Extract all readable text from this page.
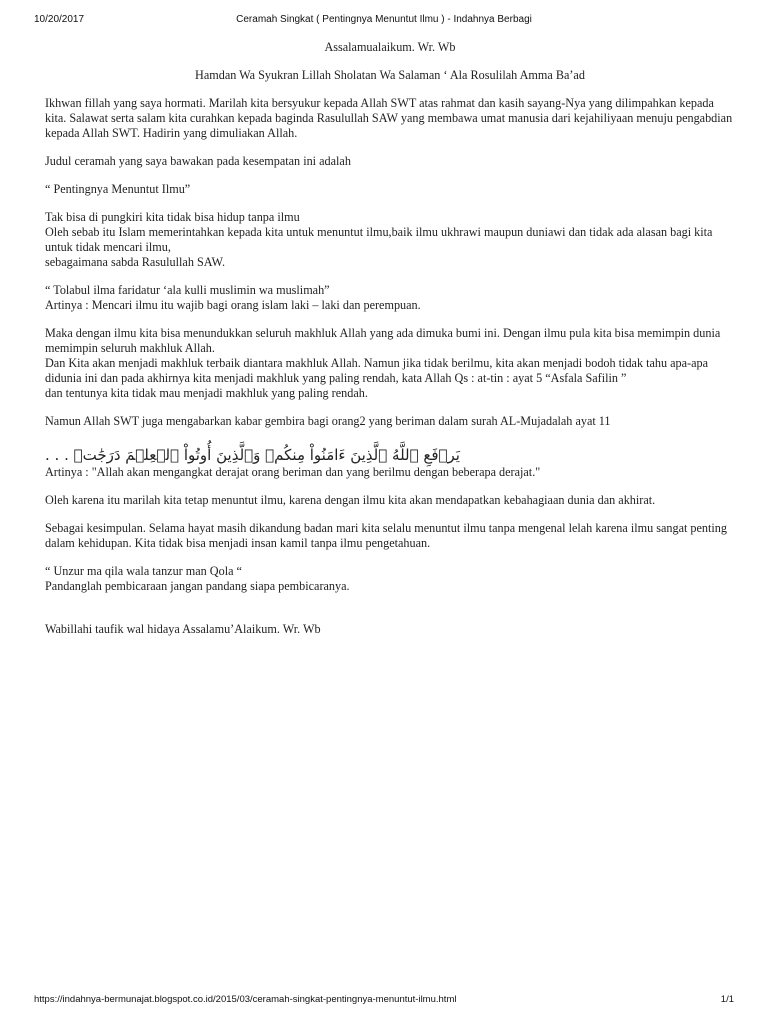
10/20/2017	Ceramah Singkat ( Pentingnya Menuntut Ilmu ) - Indahnya Berbagi

Assalamualaikum. Wr. Wb

Hamdan Wa Syukran Lillah Sholatan Wa Salaman ‘ Ala Rosulilah Amma Ba’ad

Ikhwan fillah yang saya hormati. Marilah kita bersyukur kepada Allah SWT atas rahmat dan kasih sayang-Nya yang dilimpahkan kepada kita. Salawat serta salam kita curahkan kepada baginda Rasulullah SAW yang membawa umat manusia dari kejahiliyaan menuju pengabdian kepada Allah SWT. Hadirin yang dimuliakan Allah.

Judul ceramah yang saya bawakan pada kesempatan ini adalah

“ Pentingnya Menuntut Ilmu”

Tak bisa di pungkiri kita tidak bisa hidup tanpa ilmu
Oleh sebab itu Islam memerintahkan kepada kita untuk menuntut ilmu,baik ilmu ukhrawi maupun duniawi dan tidak ada alasan bagi kita untuk tidak mencari ilmu,
sebagaimana sabda Rasulullah SAW.

“ Tolabul ilma faridatur ‘ala kulli muslimin wa muslimah”
Artinya : Mencari ilmu itu wajib bagi orang islam laki – laki dan perempuan.

Maka dengan ilmu kita bisa menundukkan seluruh makhluk Allah yang ada dimuka bumi ini. Dengan ilmu pula kita bisa memimpin dunia memimpin seluruh makhluk Allah.
Dan Kita akan menjadi makhluk terbaik diantara makhluk Allah. Namun jika tidak berilmu, kita akan menjadi bodoh tidak tahu apa-apa didunia ini dan pada akhirnya kita menjadi makhluk yang paling rendah, kata Allah Qs : at-tin : ayat 5 “Asfala Safilin ”
dan tentunya kita tidak mau menjadi makhluk yang paling rendah.

Namun Allah SWT juga mengabarkan kabar gembira bagi orang2 yang beriman dalam surah AL-Mujadalah ayat 11

يَرۡفَعِ ٱللَّهُ ٱلَّذِينَ ءَامَنُواْ مِنكُمۡ وَٱلَّذِينَ أُوتُواْ ٱلۡعِلۡمَ دَرَجَٰتٖ . . .

Artinya : "Allah akan mengangkat derajat orang beriman dan yang berilmu dengan beberapa derajat."

Oleh karena itu marilah kita tetap menuntut ilmu, karena dengan ilmu kita akan mendapatkan kebahagiaan dunia dan akhirat.

Sebagai kesimpulan. Selama hayat masih dikandung badan mari kita selalu menuntut ilmu tanpa mengenal lelah karena ilmu sangat penting dalam kehidupan. Kita tidak bisa menjadi insan kamil tanpa ilmu pengetahuan.

“ Unzur ma qila wala tanzur man Qola “
Pandanglah pembicaraan jangan pandang siapa pembicaranya.

Wabillahi taufik wal hidaya Assalamu’Alaikum. Wr. Wb

https://indahnya-bermunajat.blogspot.co.id/2015/03/ceramah-singkat-pentingnya-menuntut-ilmu.html	1/1
